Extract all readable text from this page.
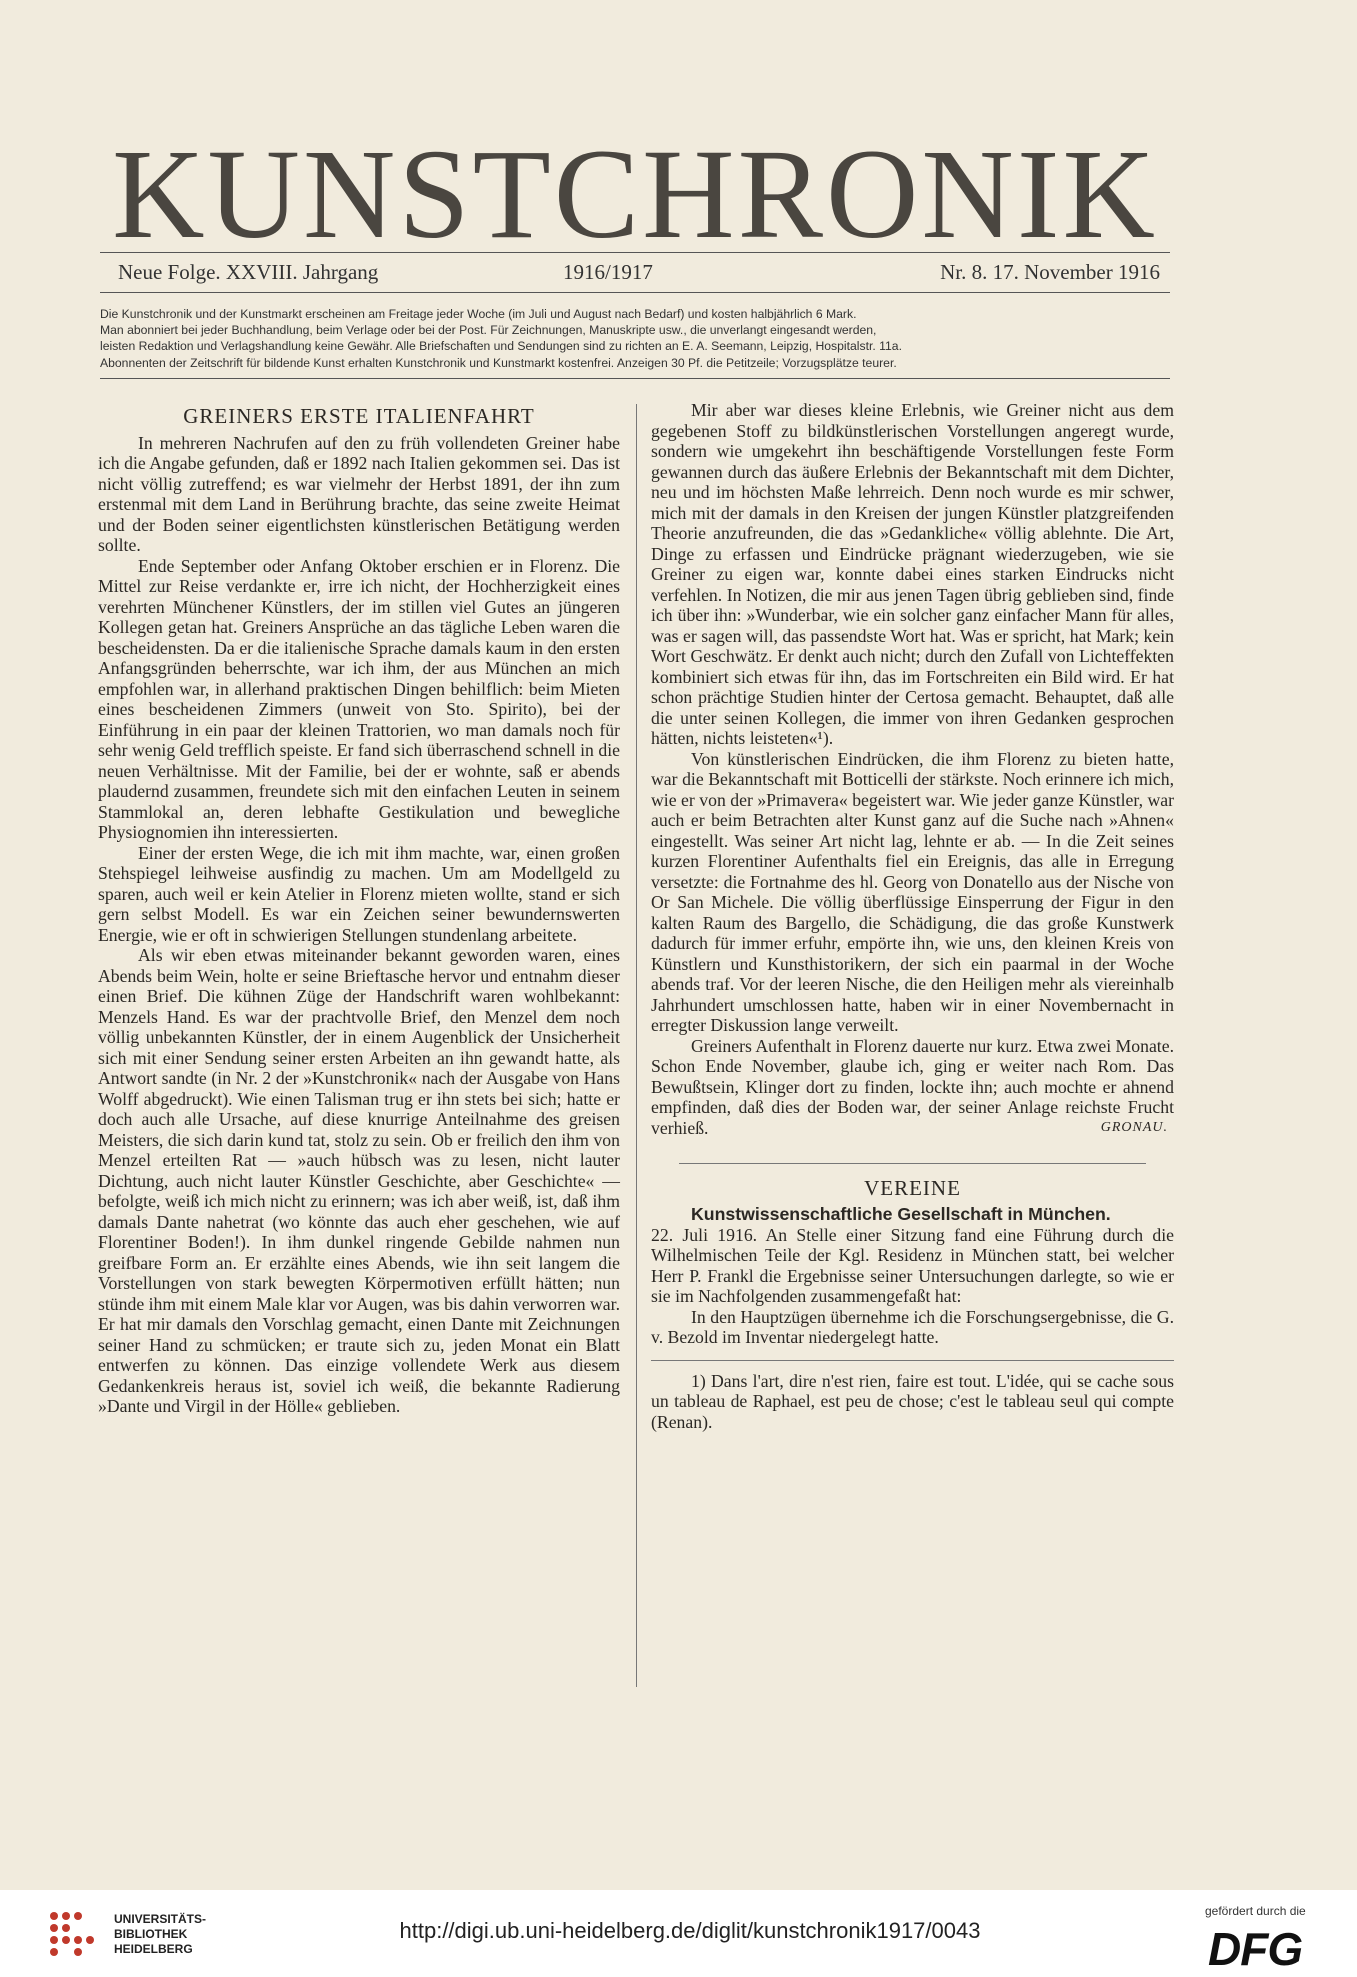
KUNSTCHRONIK
Neue Folge. XXVIII. Jahrgang	1916/1917	Nr. 8. 17. November 1916
Die Kunstchronik und der Kunstmarkt erscheinen am Freitage jeder Woche (im Juli und August nach Bedarf) und kosten halbjährlich 6 Mark.
Man abonniert bei jeder Buchhandlung, beim Verlage oder bei der Post. Für Zeichnungen, Manuskripte usw., die unverlangt eingesandt werden,
leisten Redaktion und Verlagshandlung keine Gewähr. Alle Briefschaften und Sendungen sind zu richten an E. A. Seemann, Leipzig, Hospitalstr. 11a.
Abonnenten der Zeitschrift für bildende Kunst erhalten Kunstchronik und Kunstmarkt kostenfrei. Anzeigen 30 Pf. die Petitzeile; Vorzugsplätze teurer.
GREINERS ERSTE ITALIENFAHRT

In mehreren Nachrufen auf den zu früh vollendeten Greiner habe ich die Angabe gefunden, daß er 1892 nach Italien gekommen sei. Das ist nicht völlig zutreffend; es war vielmehr der Herbst 1891, der ihn zum erstenmal mit dem Land in Berührung brachte, das seine zweite Heimat und der Boden seiner eigentlichsten künstlerischen Betätigung werden sollte.

Ende September oder Anfang Oktober erschien er in Florenz. Die Mittel zur Reise verdankte er, irre ich nicht, der Hochherzigkeit eines verehrten Münchener Künstlers, der im stillen viel Gutes an jüngeren Kollegen getan hat. Greiners Ansprüche an das tägliche Leben waren die bescheidensten. Da er die italienische Sprache damals kaum in den ersten Anfangsgründen beherrschte, war ich ihm, der aus München an mich empfohlen war, in allerhand praktischen Dingen behilflich: beim Mieten eines bescheidenen Zimmers (unweit von Sto. Spirito), bei der Einführung in ein paar der kleinen Trattorien, wo man damals noch für sehr wenig Geld trefflich speiste. Er fand sich überraschend schnell in die neuen Verhältnisse. Mit der Familie, bei der er wohnte, saß er abends plaudernd zusammen, freundete sich mit den einfachen Leuten in seinem Stammlokal an, deren lebhafte Gestikulation und bewegliche Physiognomien ihn interessierten.

Einer der ersten Wege, die ich mit ihm machte, war, einen großen Stehspiegel leihweise ausfindig zu machen. Um am Modellgeld zu sparen, auch weil er kein Atelier in Florenz mieten wollte, stand er sich gern selbst Modell. Es war ein Zeichen seiner bewundernswerten Energie, wie er oft in schwierigen Stellungen stundenlang arbeitete.

Als wir eben etwas miteinander bekannt geworden waren, eines Abends beim Wein, holte er seine Brieftasche hervor und entnahm dieser einen Brief. Die kühnen Züge der Handschrift waren wohlbekannt: Menzels Hand. Es war der prachtvolle Brief, den Menzel dem noch völlig unbekannten Künstler, der in einem Augenblick der Unsicherheit sich mit einer Sendung seiner ersten Arbeiten an ihn gewandt hatte, als Antwort sandte (in Nr. 2 der »Kunstchronik« nach der Ausgabe von Hans Wolff abgedruckt). Wie einen Talisman trug er ihn stets bei sich; hatte er doch auch alle Ursache, auf diese knurrige Anteilnahme des greisen Meisters, die sich darin kund tat, stolz zu sein. Ob er freilich den ihm von Menzel erteilten Rat — »auch hübsch was zu lesen, nicht lauter Dichtung, auch nicht lauter Künstler Geschichte, aber Geschichte« — befolgte, weiß ich mich nicht zu erinnern; was ich aber weiß, ist, daß ihm damals Dante nahetrat (wo könnte das auch eher geschehen, wie auf Florentiner Boden!). In ihm dunkel ringende Gebilde nahmen nun greifbare Form an. Er erzählte eines Abends, wie ihn seit langem die Vorstellungen von stark bewegten Körpermotiven erfüllt hätten; nun stünde ihm mit einem Male klar vor Augen, was bis dahin verworren war. Er hat mir damals den Vorschlag gemacht, einen Dante mit Zeichnungen seiner Hand zu schmücken; er traute sich zu, jeden Monat ein Blatt entwerfen zu können. Das einzige vollendete Werk aus diesem Gedankenkreis heraus ist, soviel ich weiß, die bekannte Radierung »Dante und Virgil in der Hölle« geblieben.

Mir aber war dieses kleine Erlebnis, wie Greiner nicht aus dem gegebenen Stoff zu bildkünstlerischen Vorstellungen angeregt wurde, sondern wie umgekehrt ihn beschäftigende Vorstellungen feste Form gewannen durch das äußere Erlebnis der Bekanntschaft mit dem Dichter, neu und im höchsten Maße lehrreich. Denn noch wurde es mir schwer, mich mit der damals in den Kreisen der jungen Künstler platzgreifenden Theorie anzufreunden, die das »Gedankliche« völlig ablehnte. Die Art, Dinge zu erfassen und Eindrücke prägnant wiederzugeben, wie sie Greiner zu eigen war, konnte dabei eines starken Eindrucks nicht verfehlen. In Notizen, die mir aus jenen Tagen übrig geblieben sind, finde ich über ihn: »Wunderbar, wie ein solcher ganz einfacher Mann für alles, was er sagen will, das passendste Wort hat. Was er spricht, hat Mark; kein Wort Geschwätz. Er denkt auch nicht; durch den Zufall von Lichteffekten kombiniert sich etwas für ihn, das im Fortschreiten ein Bild wird. Er hat schon prächtige Studien hinter der Certosa gemacht. Behauptet, daß alle die unter seinen Kollegen, die immer von ihren Gedanken gesprochen hätten, nichts leisteten«¹).

Von künstlerischen Eindrücken, die ihm Florenz zu bieten hatte, war die Bekanntschaft mit Botticelli der stärkste. Noch erinnere ich mich, wie er von der »Primavera« begeistert war. Wie jeder ganze Künstler, war auch er beim Betrachten alter Kunst ganz auf die Suche nach »Ahnen« eingestellt. Was seiner Art nicht lag, lehnte er ab. — In die Zeit seines kurzen Florentiner Aufenthalts fiel ein Ereignis, das alle in Erregung versetzte: die Fortnahme des hl. Georg von Donatello aus der Nische von Or San Michele. Die völlig überflüssige Einsperrung der Figur in den kalten Raum des Bargello, die Schädigung, die das große Kunstwerk dadurch für immer erfuhr, empörte ihn, wie uns, den kleinen Kreis von Künstlern und Kunsthistorikern, der sich ein paarmal in der Woche abends traf. Vor der leeren Nische, die den Heiligen mehr als viereinhalb Jahrhundert umschlossen hatte, haben wir in einer Novembernacht in erregter Diskussion lange verweilt.

Greiners Aufenthalt in Florenz dauerte nur kurz. Etwa zwei Monate. Schon Ende November, glaube ich, ging er weiter nach Rom. Das Bewußtsein, Klinger dort zu finden, lockte ihn; auch mochte er ahnend empfinden, daß dies der Boden war, der seiner Anlage reichste Frucht verhieß.	GRONAU.
VEREINE

Kunstwissenschaftliche Gesellschaft in München.

22. Juli 1916. An Stelle einer Sitzung fand eine Führung durch die Wilhelmischen Teile der Kgl. Residenz in München statt, bei welcher Herr P. Frankl die Ergebnisse seiner Untersuchungen darlegte, so wie er sie im Nachfolgenden zusammengefaßt hat:

In den Hauptzügen übernehme ich die Forschungsergebnisse, die G. v. Bezold im Inventar niedergelegt hatte.

1) Dans l'art, dire n'est rien, faire est tout. L'idée, qui se cache sous un tableau de Raphael, est peu de chose; c'est le tableau seul qui compte (Renan).

UNIVERSITÄTS-
BIBLIOTHEK
HEIDELBERG
http://digi.ub.uni-heidelberg.de/diglit/kunstchronik1917/0043
gefördert durch die
DFG
